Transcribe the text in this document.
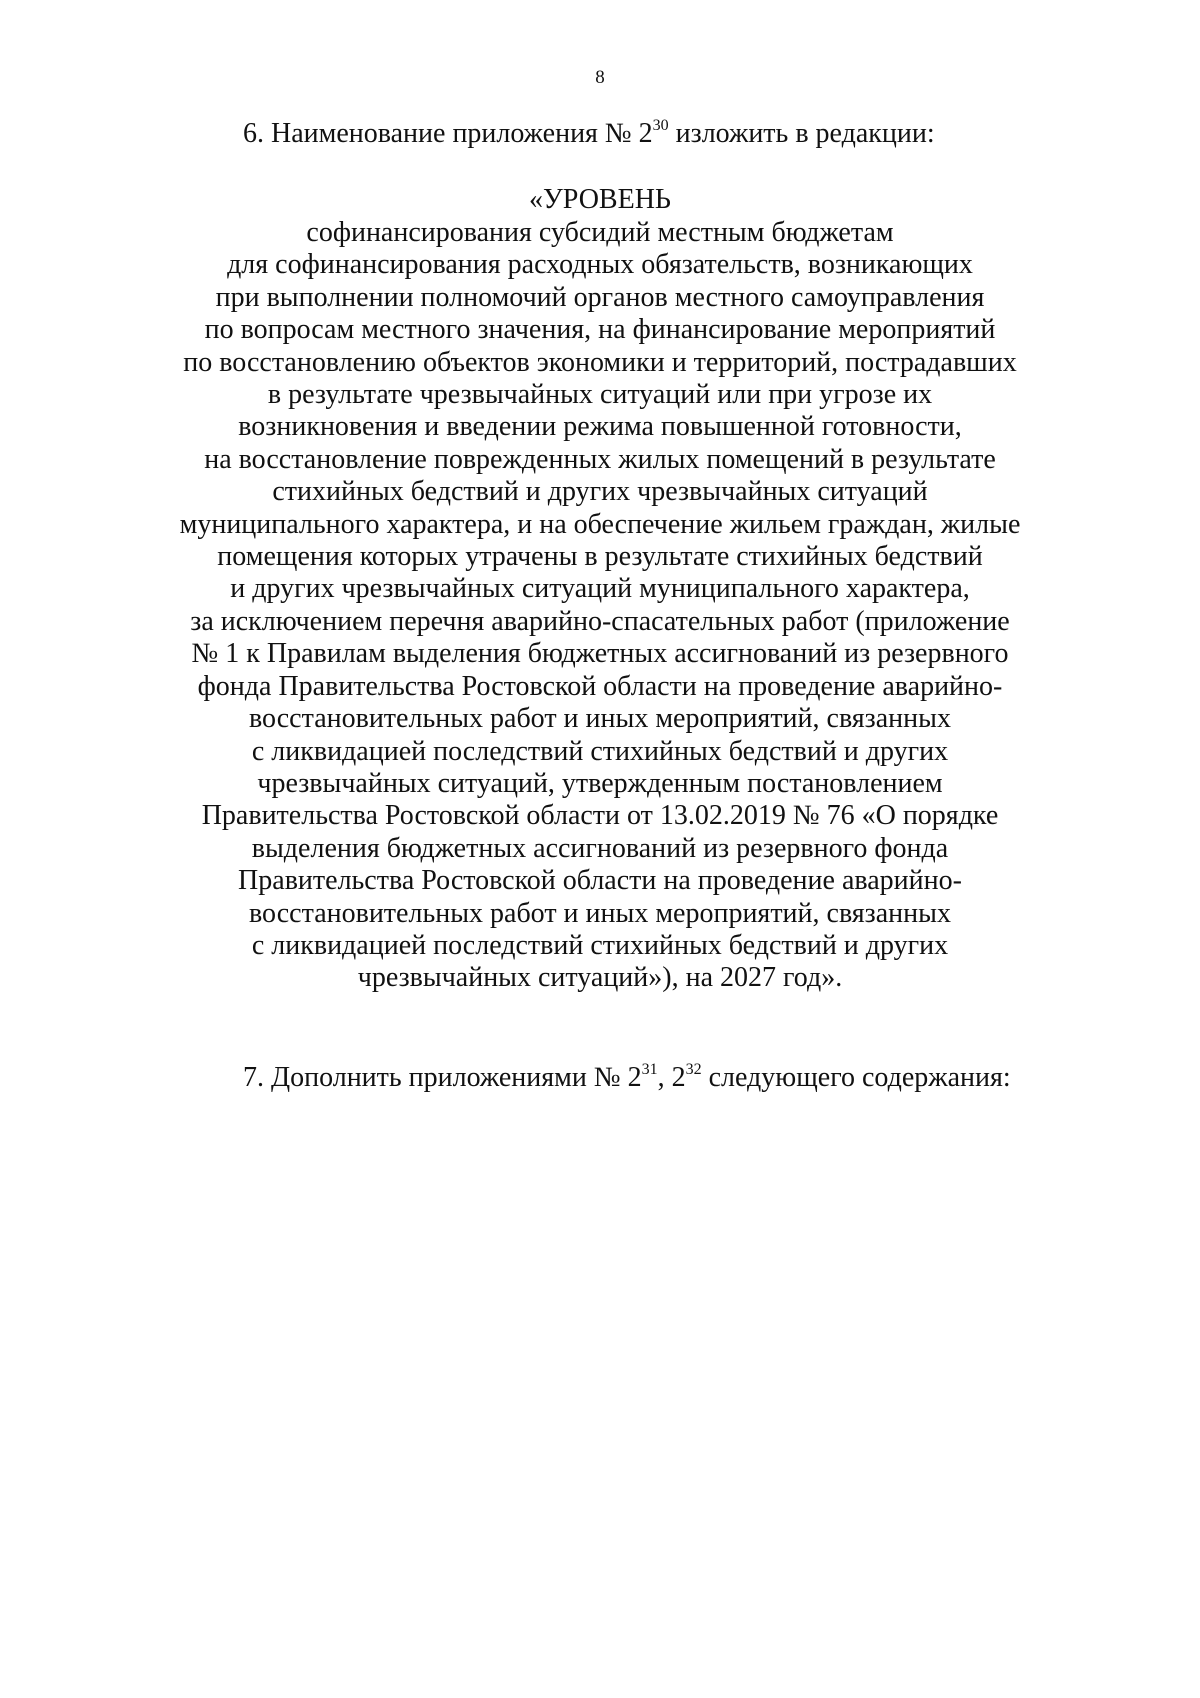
8
6. Наименование приложения № $2^{30}$ изложить в редакции:
«УРОВЕНЬ
софинансирования субсидий местным бюджетам
для софинансирования расходных обязательств, возникающих
при выполнении полномочий органов местного самоуправления
по вопросам местного значения, на финансирование мероприятий
по восстановлению объектов экономики и территорий, пострадавших
в результате чрезвычайных ситуаций или при угрозе их
возникновения и введении режима повышенной готовности,
на восстановление поврежденных жилых помещений в результате
стихийных бедствий и других чрезвычайных ситуаций
муниципального характера, и на обеспечение жильем граждан, жилые
помещения которых утрачены в результате стихийных бедствий
и других чрезвычайных ситуаций муниципального характера,
за исключением перечня аварийно-спасательных работ (приложение
№ 1 к Правилам выделения бюджетных ассигнований из резервного
фонда Правительства Ростовской области на проведение аварийно-
восстановительных работ и иных мероприятий, связанных
с ликвидацией последствий стихийных бедствий и других
чрезвычайных ситуаций, утвержденным постановлением
Правительства Ростовской области от 13.02.2019 № 76 «О порядке
выделения бюджетных ассигнований из резервного фонда
Правительства Ростовской области на проведение аварийно-
восстановительных работ и иных мероприятий, связанных
с ликвидацией последствий стихийных бедствий и других
чрезвычайных ситуаций»), на 2027 год».
7. Дополнить приложениями № $2^{31}$, $2^{32}$ следующего содержания:
